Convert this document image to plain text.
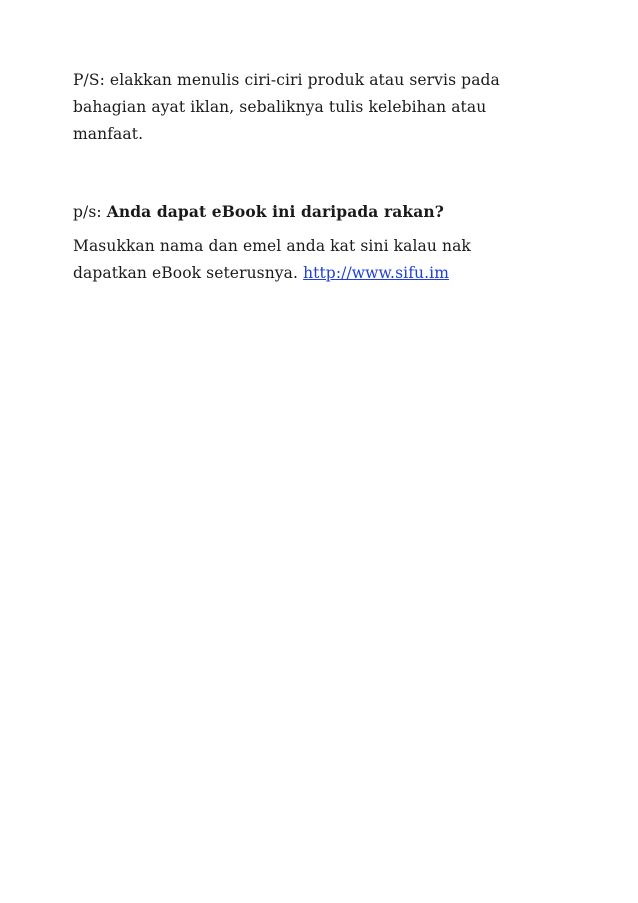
P/S: elakkan menulis ciri-ciri produk atau servis pada
bahagian ayat iklan, sebaliknya tulis kelebihan atau
manfaat.

p/s: Anda dapat eBook ini daripada rakan?

Masukkan nama dan emel anda kat sini kalau nak
dapatkan eBook seterusnya. http://www.sifu.im
